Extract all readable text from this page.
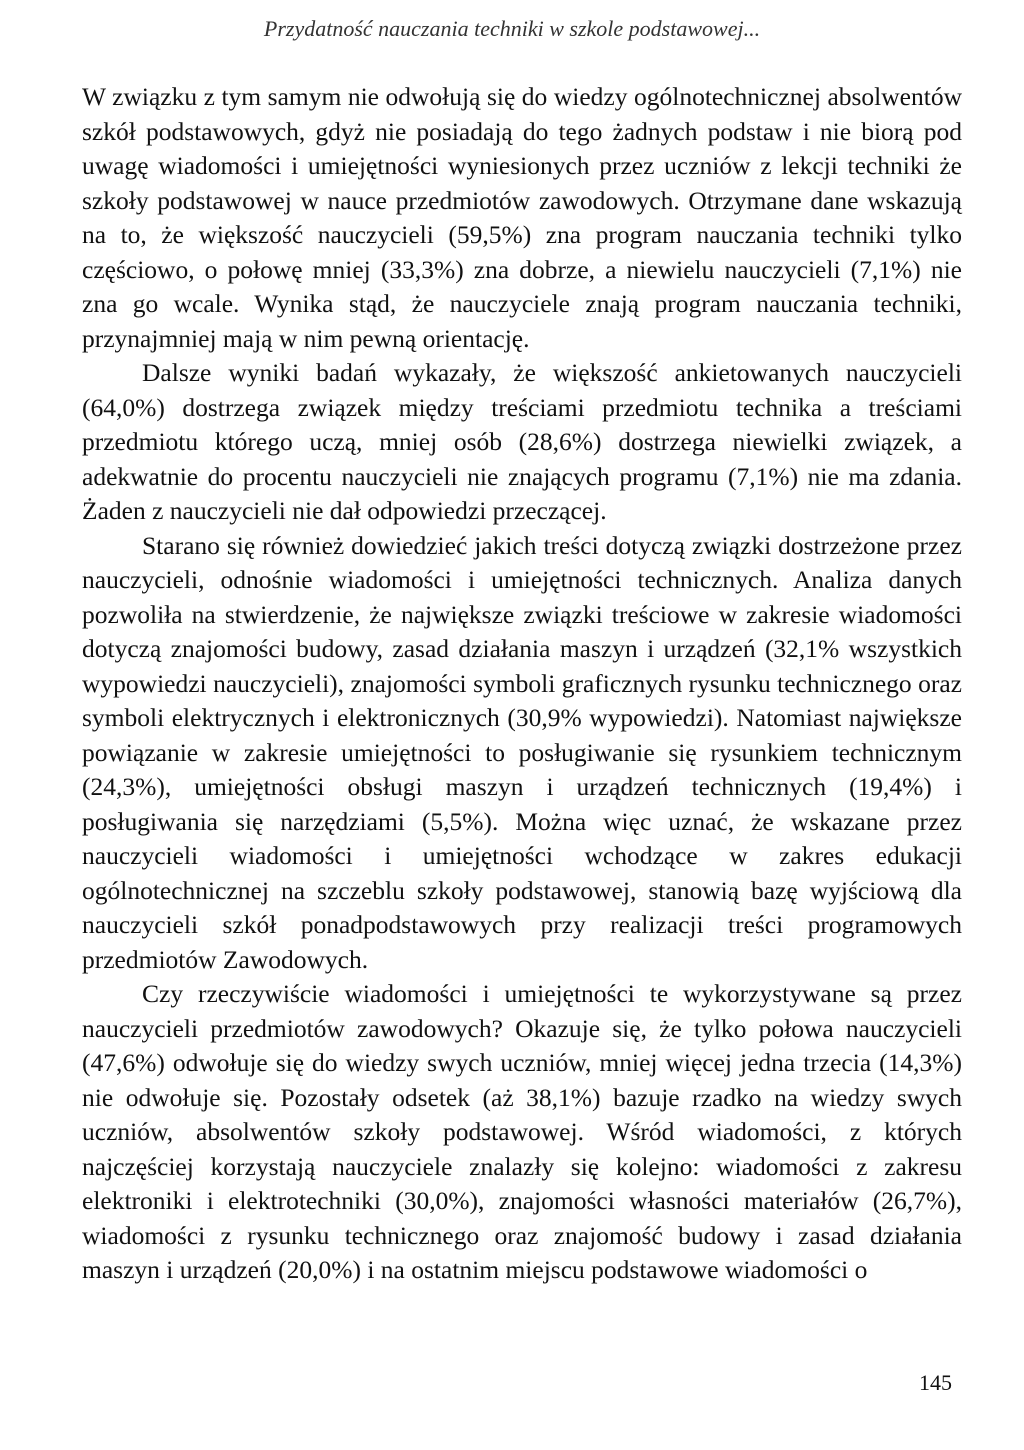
Przydatność nauczania techniki w szkole podstawowej...

W związku z tym samym nie odwołują się do wiedzy ogólnotechnicznej absolwentów szkół podstawowych, gdyż nie posiadają do tego żadnych podstaw i nie biorą pod uwagę wiadomości i umiejętności wyniesionych przez uczniów z lekcji techniki że szkoły podstawowej w nauce przedmiotów zawodowych. Otrzymane dane wskazują na to, że większość nauczycieli (59,5%) zna program nauczania techniki tylko częściowo, o połowę mniej (33,3%) zna dobrze, a niewielu nauczycieli (7,1%) nie zna go wcale. Wynika stąd, że nauczyciele znają program nauczania techniki, przynajmniej mają w nim pewną orientację.

Dalsze wyniki badań wykazały, że większość ankietowanych nauczycieli (64,0%) dostrzega związek między treściami przedmiotu technika a treściami przedmiotu którego uczą, mniej osób (28,6%) dostrzega niewielki związek, a adekwatnie do procentu nauczycieli nie znających programu (7,1%) nie ma zdania. Żaden z nauczycieli nie dał odpowiedzi przeczącej.

Starano się również dowiedzieć jakich treści dotyczą związki dostrzeżone przez nauczycieli, odnośnie wiadomości i umiejętności technicznych. Analiza danych pozwoliła na stwierdzenie, że największe związki treściowe w zakresie wiadomości dotyczą znajomości budowy, zasad działania maszyn i urządzeń (32,1% wszystkich wypowiedzi nauczycieli), znajomości symboli graficznych rysunku technicznego oraz symboli elektrycznych i elektronicznych (30,9% wypowiedzi). Natomiast największe powiązanie w zakresie umiejętności to posługiwanie się rysunkiem technicznym (24,3%), umiejętności obsługi maszyn i urządzeń technicznych (19,4%) i posługiwania się narzędziami (5,5%). Można więc uznać, że wskazane przez nauczycieli wiadomości i umiejętności wchodzące w zakres edukacji ogólnotechnicznej na szczeblu szkoły podstawowej, stanowią bazę wyjściową dla nauczycieli szkół ponadpodstawowych przy realizacji treści programowych przedmiotów Zawodowych.

Czy rzeczywiście wiadomości i umiejętności te wykorzystywane są przez nauczycieli przedmiotów zawodowych? Okazuje się, że tylko połowa nauczycieli (47,6%) odwołuje się do wiedzy swych uczniów, mniej więcej jedna trzecia (14,3%) nie odwołuje się. Pozostały odsetek (aż 38,1%) bazuje rzadko na wiedzy swych uczniów, absolwentów szkoły podstawowej. Wśród wiadomości, z których najczęściej korzystają nauczyciele znalazły się kolejno: wiadomości z zakresu elektroniki i elektrotechniki (30,0%), znajomości własności materiałów (26,7%), wiadomości z rysunku technicznego oraz znajomość budowy i zasad działania maszyn i urządzeń (20,0%) i na ostatnim miejscu podstawowe wiadomości o

145
